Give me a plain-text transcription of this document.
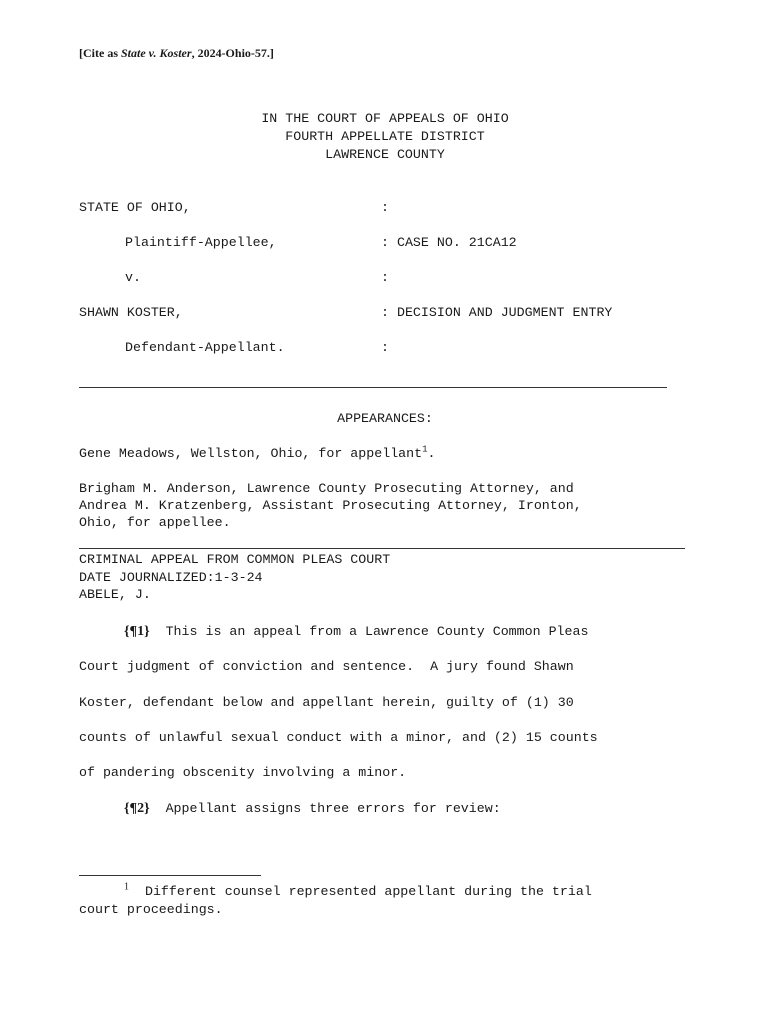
[Cite as State v. Koster, 2024-Ohio-57.]
IN THE COURT OF APPEALS OF OHIO
FOURTH APPELLATE DISTRICT
LAWRENCE COUNTY
STATE OF OHIO,	:
Plaintiff-Appellee,	: CASE NO. 21CA12
v.	:
SHAWN KOSTER,	: DECISION AND JUDGMENT ENTRY
Defendant-Appellant.	:
APPEARANCES:
Gene Meadows, Wellston, Ohio, for appellant$^1$.
Brigham M. Anderson, Lawrence County Prosecuting Attorney, and
Andrea M. Kratzenberg, Assistant Prosecuting Attorney, Ironton,
Ohio, for appellee.
CRIMINAL APPEAL FROM COMMON PLEAS COURT
DATE JOURNALIZED:1-3-24
ABELE, J.
{¶1} This is an appeal from a Lawrence County Common Pleas
Court judgment of conviction and sentence.  A jury found Shawn
Koster, defendant below and appellant herein, guilty of (1) 30
counts of unlawful sexual conduct with a minor, and (2) 15 counts
of pandering obscenity involving a minor.
{¶2} Appellant assigns three errors for review:
$^1$ Different counsel represented appellant during the trial
court proceedings.
